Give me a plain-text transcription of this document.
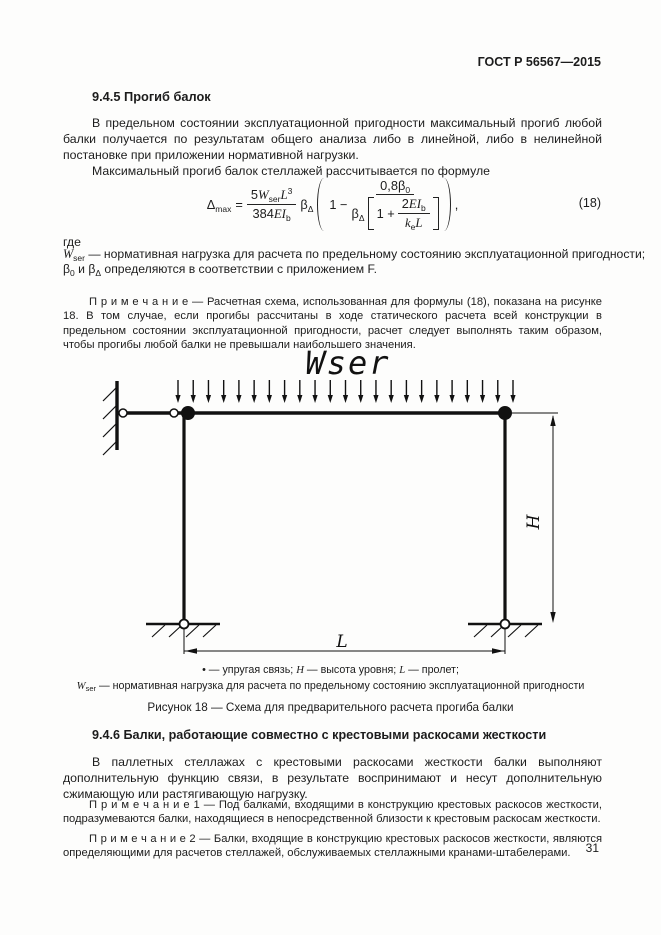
ГОСТ Р 56567—2015
9.4.5 Прогиб балок

В предельном состоянии эксплуатационной пригодности максимальный прогиб любой балки получается по результатам общего анализа либо в линейной, либо в нелинейной постановке при приложении нормативной нагрузки.

Максимальный прогиб балок стеллажей рассчитывается по формуле

$\Delta_{max} = \frac{5W_{ser}L^3}{384EI_b} \beta_\Delta$ 1 −
$0,8\beta_0$
$\beta_\Delta$ $1 + \frac{2EI_b}{k_eL}$ ,	(18)
где
$W_{ser}$ — нормативная нагрузка для расчета по предельному состоянию эксплуатационной пригодности;
$\beta_0$ и $\beta_\Delta$ определяются в соответствии с приложением F.

П р и м е ч а н и е — Расчетная схема, использованная для формулы (18), показана на рисунке 18. В том случае, если прогибы рассчитаны в ходе статического расчета всей конструкции в предельном состоянии эксплуатационной пригодности, расчет следует выполнять таким образом, чтобы прогибы любой балки не превышали наибольшего значения.

Wser
H
L
• — упругая связь; H — высота уровня; L — пролет;
$W_{ser}$ — нормативная нагрузка для расчета по предельному состоянию эксплуатационной пригодности
Рисунок 18 — Схема для предварительного расчета прогиба балки
9.4.6 Балки, работающие совместно с крестовыми раскосами жесткости

В паллетных стеллажах с крестовыми раскосами жесткости балки выполняют дополнительную функцию связи, в результате воспринимают и несут дополнительную сжимающую или растягивающую нагрузку.

П р и м е ч а н и е 1 — Под балками, входящими в конструкцию крестовых раскосов жесткости, подразумеваются балки, находящиеся в непосредственной близости к крестовым раскосам жесткости.

П р и м е ч а н и е 2 — Балки, входящие в конструкцию крестовых раскосов жесткости, являются определяющими для расчетов стеллажей, обслуживаемых стеллажными кранами-штабелерами.	31
